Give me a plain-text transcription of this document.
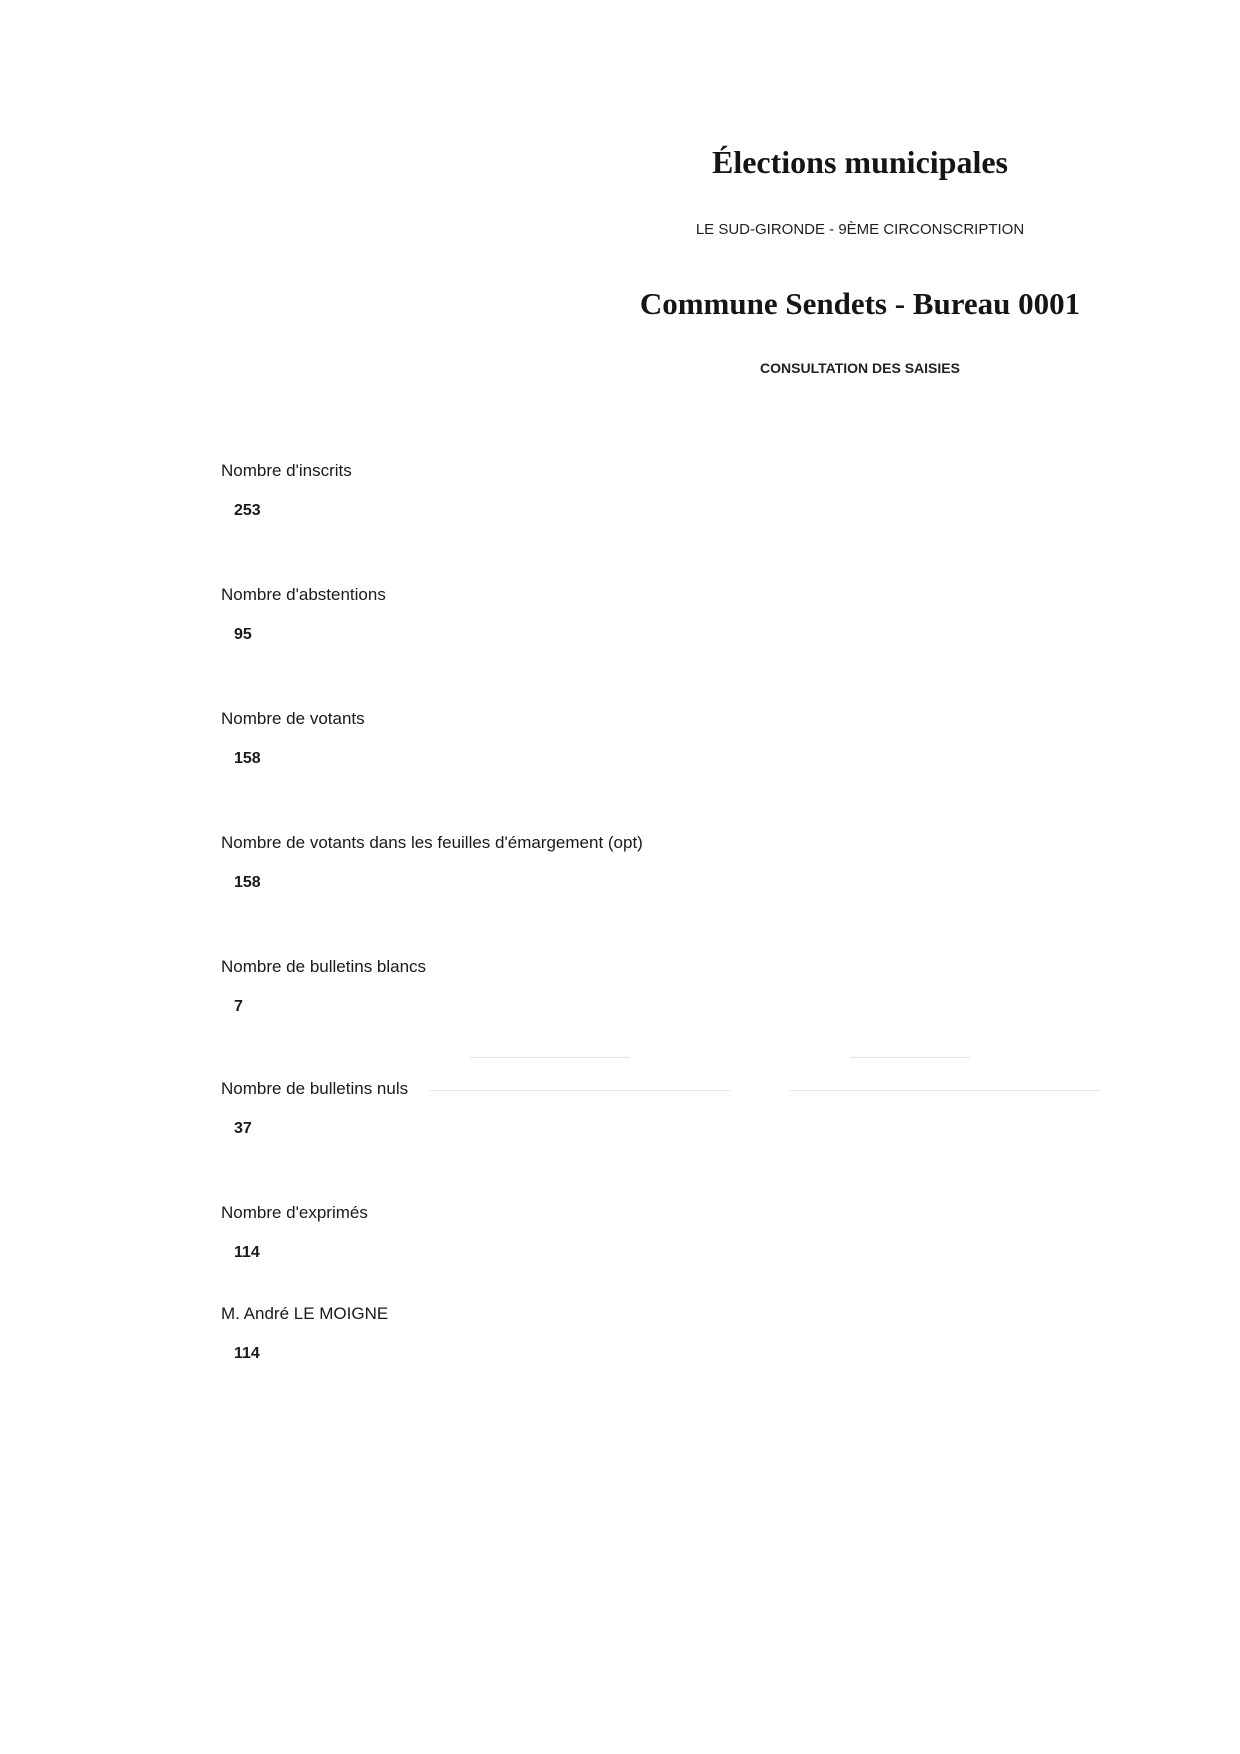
Élections municipales
LE SUD-GIRONDE - 9ÈME CIRCONSCRIPTION
Commune Sendets - Bureau 0001
CONSULTATION DES SAISIES
Nombre d'inscrits
253
Nombre d'abstentions
95
Nombre de votants
158
Nombre de votants dans les feuilles d'émargement (opt)
158
Nombre de bulletins blancs
7
Nombre de bulletins nuls
37
Nombre d'exprimés
114
M. André LE MOIGNE
114
